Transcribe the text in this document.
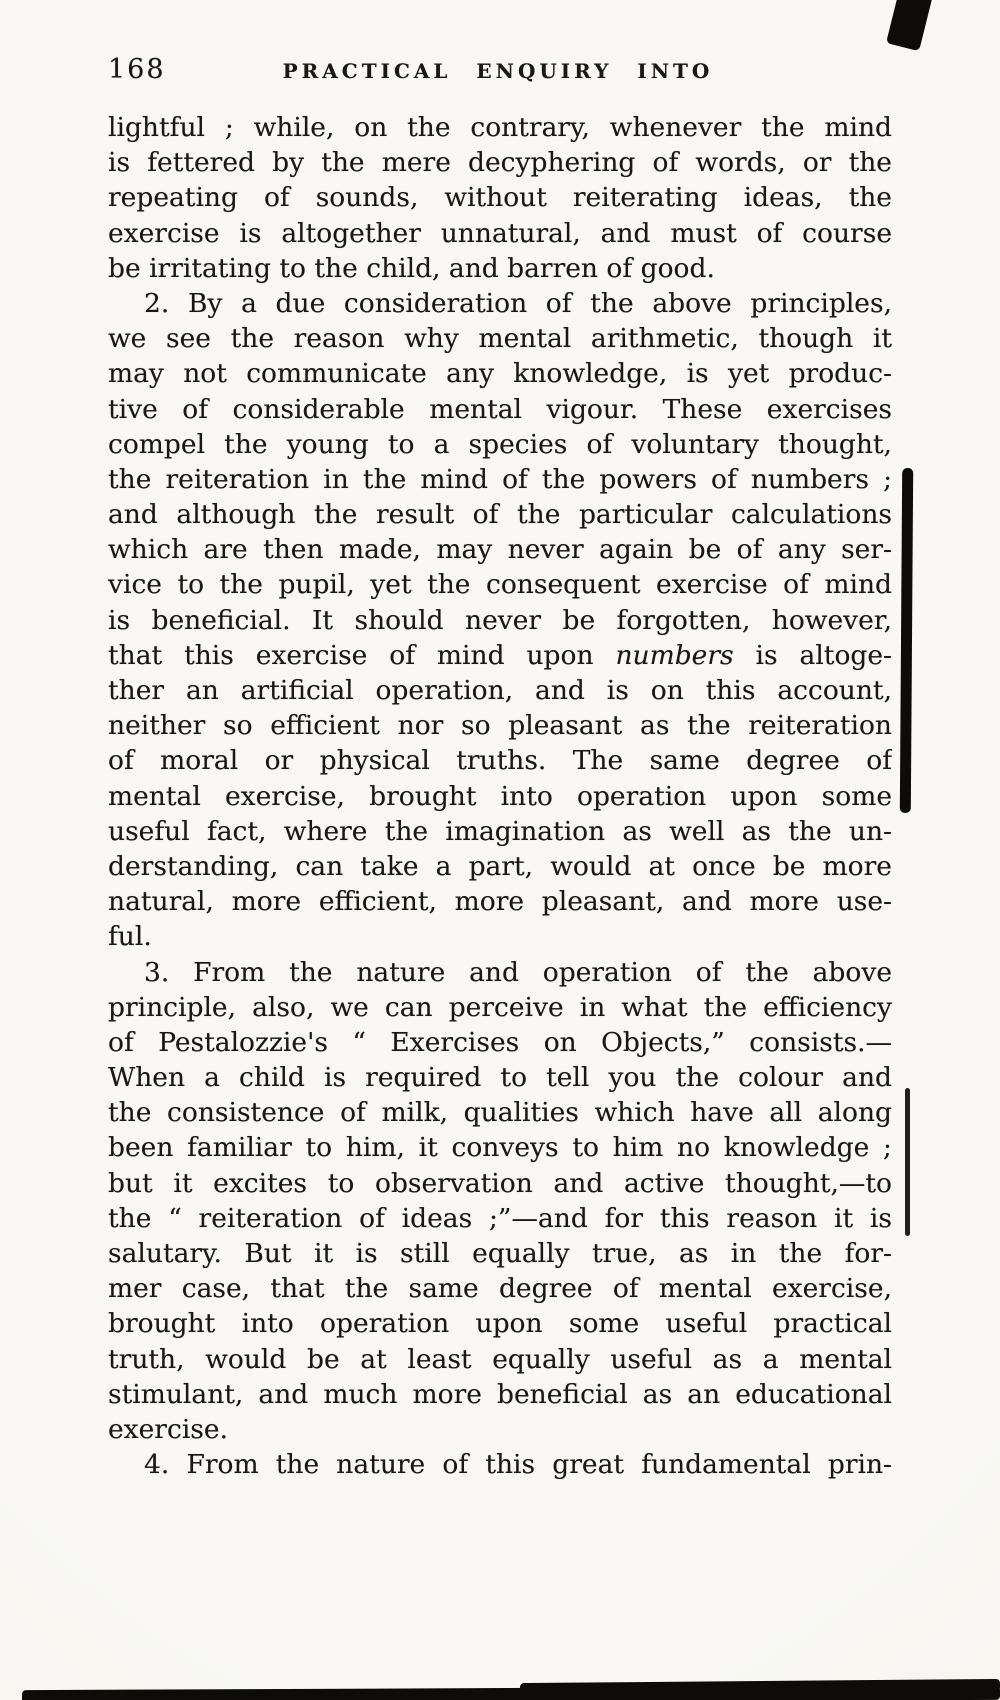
168	PRACTICAL ENQUIRY INTO
lightful ; while, on the contrary, whenever the mind
is fettered by the mere decyphering of words, or the
repeating of sounds, without reiterating ideas, the
exercise is altogether unnatural, and must of course
be irritating to the child, and barren of good.
2. By a due consideration of the above principles,
we see the reason why mental arithmetic, though it
may not communicate any knowledge, is yet produc-
tive of considerable mental vigour. These exercises
compel the young to a species of voluntary thought,
the reiteration in the mind of the powers of numbers ;
and although the result of the particular calculations
which are then made, may never again be of any ser-
vice to the pupil, yet the consequent exercise of mind
is beneficial. It should never be forgotten, however,
that this exercise of mind upon numbers is altoge-
ther an artificial operation, and is on this account,
neither so efficient nor so pleasant as the reiteration
of moral or physical truths. The same degree of
mental exercise, brought into operation upon some
useful fact, where the imagination as well as the un-
derstanding, can take a part, would at once be more
natural, more efficient, more pleasant, and more use-
ful.
3. From the nature and operation of the above
principle, also, we can perceive in what the efficiency
of Pestalozzie's “ Exercises on Objects,” consists.—
When a child is required to tell you the colour and
the consistence of milk, qualities which have all along
been familiar to him, it conveys to him no knowledge ;
but it excites to observation and active thought,—to
the “ reiteration of ideas ;”—and for this reason it is
salutary. But it is still equally true, as in the for-
mer case, that the same degree of mental exercise,
brought into operation upon some useful practical
truth, would be at least equally useful as a mental
stimulant, and much more beneficial as an educational
exercise.
4. From the nature of this great fundamental prin-
